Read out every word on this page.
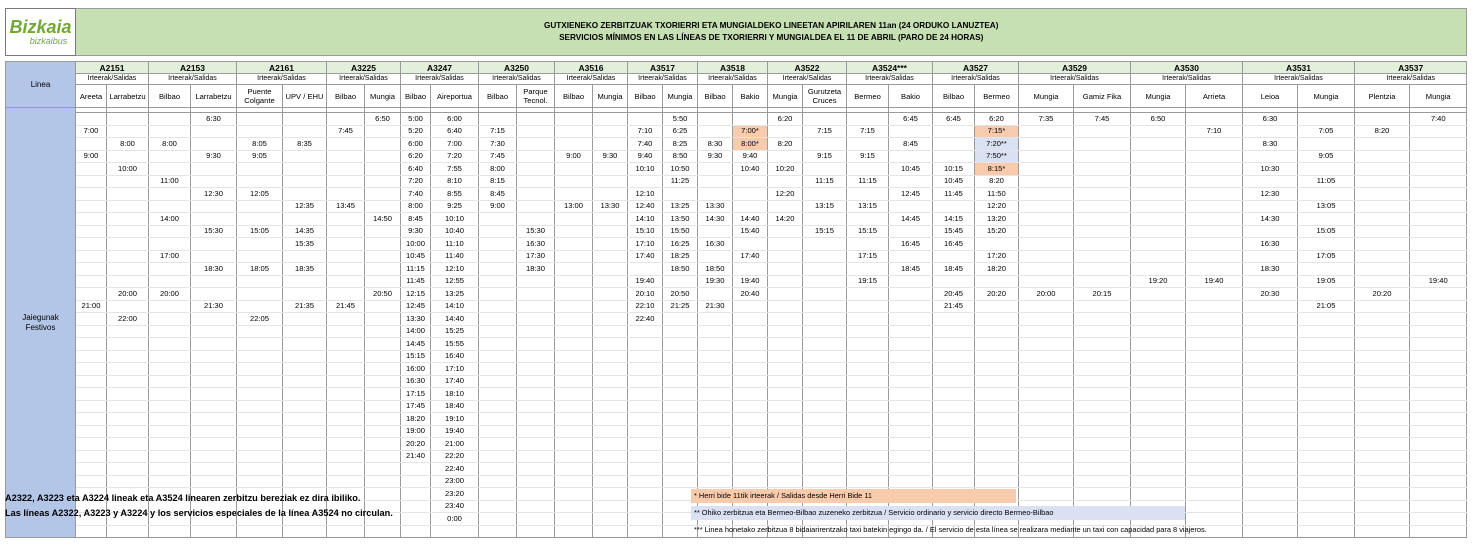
Bizkaia
bizkaibus	GUTXIENEKO ZERBITZUAK TXORIERRI ETA MUNGIALDEKO LINEETAN APIRILAREN 11an (24 ORDUKO LANUZTEA)
SERVICIOS MÍNIMOS EN LAS LÍNEAS DE TXORIERRI Y MUNGIALDEA EL 11 DE ABRIL (PARO DE 24 HORAS)																															

Linea	A2151		A2153		A2161		A3225		A3247		A3250		A3516		A3517		A3518		A3522		A3524***		A3527		A3529		A3530		A3531		A3537	
	Irteerak/Salidas		Irteerak/Salidas		Irteerak/Salidas		Irteerak/Salidas		Irteerak/Salidas		Irteerak/Salidas		Irteerak/Salidas		Irteerak/Salidas		Irteerak/Salidas		Irteerak/Salidas		Irteerak/Salidas		Irteerak/Salidas		Irteerak/Salidas		Irteerak/Salidas		Irteerak/Salidas		Irteerak/Salidas	
	Areeta	Larrabetzu	Bilbao	Larrabetzu	Puente Colgante	UPV / EHU	Bilbao	Mungia	Bilbao	Aireportua	Bilbao	Parque Tecnol.	Bilbao	Mungia	Bilbao	Mungia	Bilbao	Bakio	Mungia	Gurutzeta Cruces	Bermeo	Bakio	Bilbao	Bermeo	Mungia	Gamiz Fika	Mungia	Arrieta	Leioa	Mungia	Plentzia	Mungia

Jaiegunak
Festivos																																

				6:30				6:50	5:00	6:00						5:50			6:20			6:45	6:45	6:20	7:35	7:45	6:50		6:30			7:40
	7:00						7:45		5:20	6:40	7:15				7:10	6:25		7:00*		7:15	7:15			7:15*				7:10		7:05	8:20	
		8:00	8:00		8:05	8:35			6:00	7:00	7:30				7:40	8:25	8:30	8:00*	8:20			8:45		7:20**					8:30			
	9:00			9:30	9:05				6:20	7:20	7:45		9:00	9:30	9:40	8:50	9:30	9:40		9:15	9:15			7:50**						9:05		
		10:00							6:40	7:55	8:00				10:10	10:50		10:40	10:20			10:45	10:15	8:15*					10:30			
			11:00						7:20	8:10	8:15					11:25				11:15	11:15		10:45	8:20						11:05		
				12:30	12:05				7:40	8:55	8:45				12:10				12:20			12:45	11:45	11:50					12:30			
						12:35	13:45		8:00	9:25	9:00		13:00	13:30	12:40	13:25	13:30			13:15	13:15			12:20						13:05		
			14:00					14:50	8:45	10:10					14:10	13:50	14:30	14:40	14:20			14:45	14:15	13:20					14:30			
				15:30	15:05	14:35			9:30	10:40		15:30			15:10	15:50		15:40		15:15	15:15		15:45	15:20						15:05		
						15:35			10:00	11:10		16:30			17:10	16:25	16:30					16:45	16:45						16:30			
			17:00						10:45	11:40		17:30			17:40	18:25		17:40			17:15			17:20						17:05		
				18:30	18:05	18:35			11:15	12:10		18:30				18:50	18:50					18:45	18:45	18:20					18:30			
									11:45	12:55					19:40		19:30	19:40			19:15						19:20	19:40		19:05		19:40
		20:00	20:00					20:50	12:15	13:25					20:10	20:50		20:40					20:45	20:20	20:00	20:15			20:30		20:20	
	21:00			21:30		21:35	21:45		12:45	14:10					22:10	21:25	21:30						21:45							21:05		
		22:00			22:05				13:30	14:40					22:40																	
									14:00	15:25																						
									14:45	15:55																						
									15:15	16:40																						
									16:00	17:10																						
									16:30	17:40																						
									17:15	18:10																						
									17:45	18:40																						
									18:20	19:10																						
									19:00	19:40																						
									20:20	21:00																						
									21:40	22:20																						
										22:40																						
										23:00																						
										23:20																						
										23:40																						
										0:00																						

A2322, A3223 eta A3224 lineak eta A3524 linearen zerbitzu bereziak ez dira ibiliko.
Las líneas A2322, A3223 y A3224 y los servicios especiales de la línea A3524 no circulan.
* Herri bide 11tik irteerak / Salidas desde Herri Bide 11
** Ohiko zerbitzua eta Bermeo-Bilbao zuzeneko zerbitzua / Servicio ordinario y servicio directo Bermeo-Bilbao
*** Linea honetako zerbitzua 8 bidaiarirentzako taxi batekin egingo da. / El servicio de esta línea se realizara mediante un taxi con capacidad para 8 viajeros.
